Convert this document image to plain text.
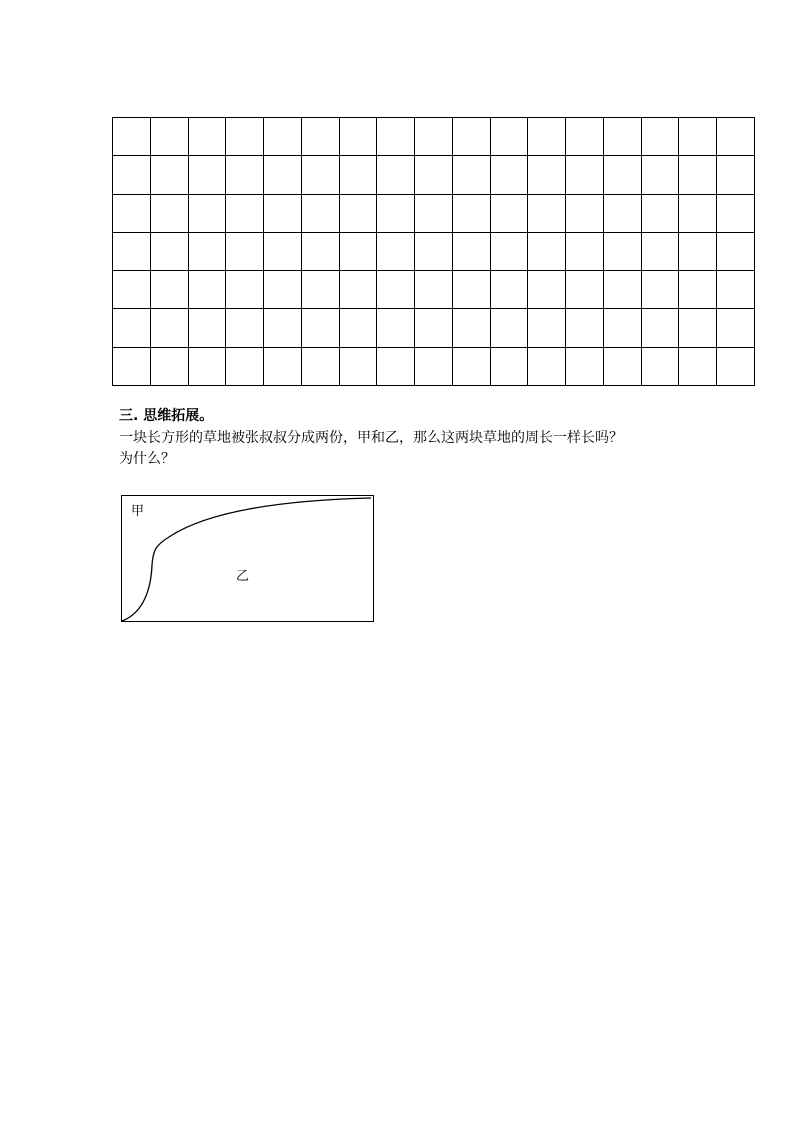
三. 思维拓展。

一块长方形的草地被张叔叔分成两份，甲和乙，那么这两块草地的周长一样长吗？
为什么？

甲
乙
